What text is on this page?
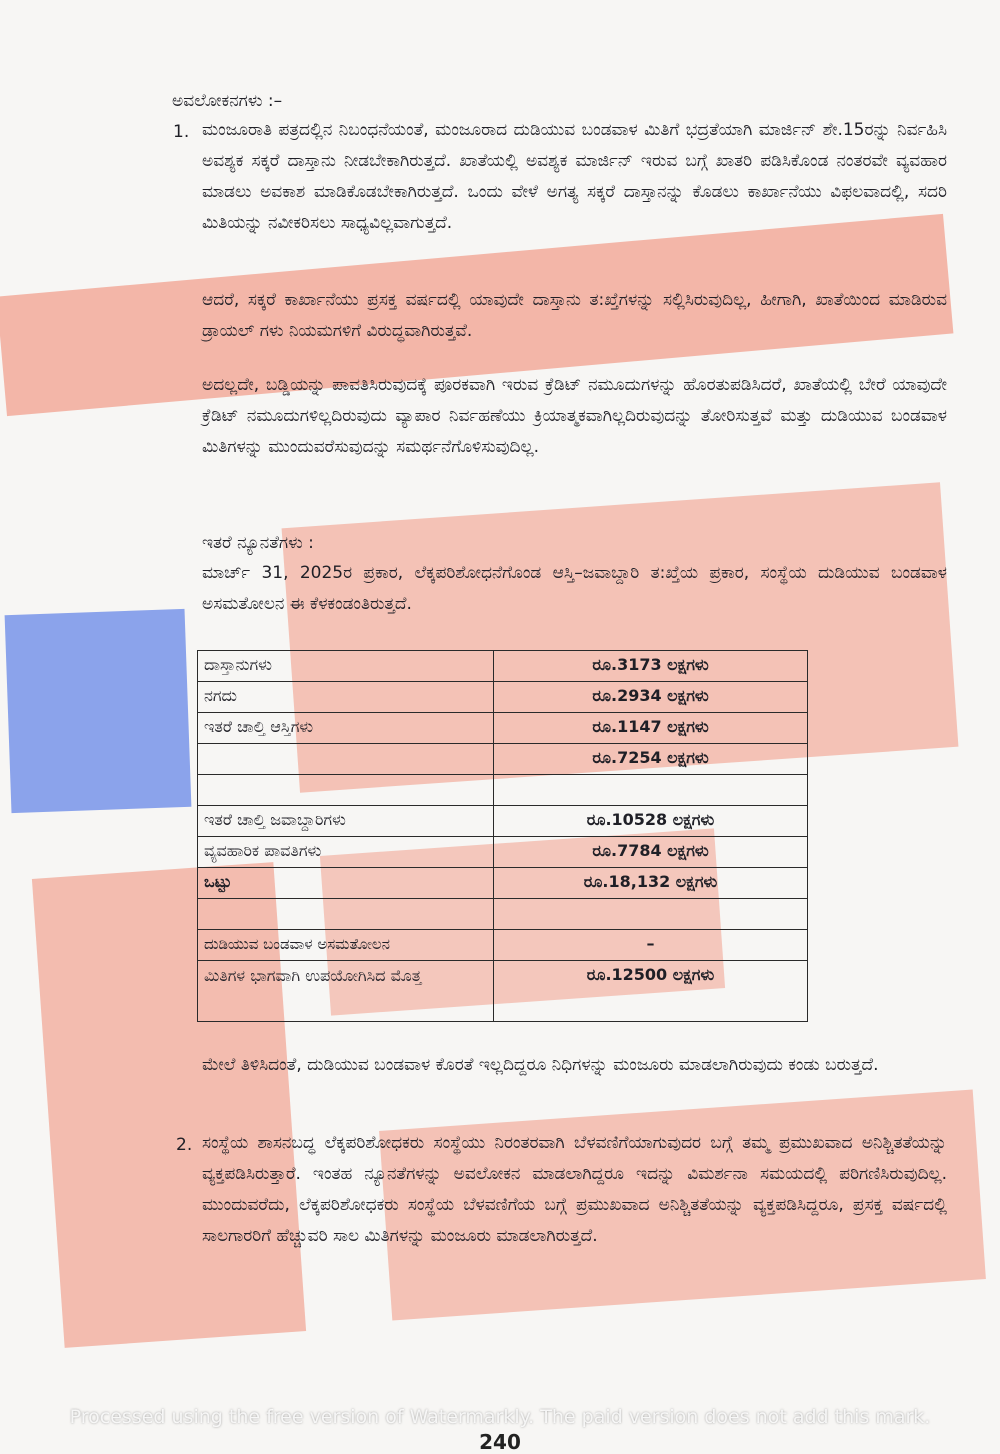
ಅವಲೋಕನಗಳು :–
1. ಮಂಜೂರಾತಿ ಪತ್ರದಲ್ಲಿನ ನಿಬಂಧನೆಯಂತೆ, ಮಂಜೂರಾದ ದುಡಿಯುವ ಬಂಡವಾಳ ಮಿತಿಗೆ ಭದ್ರತೆಯಾಗಿ ಮಾರ್ಜಿನ್ ಶೇ.15ರನ್ನು ನಿರ್ವಹಿಸಿ ಅವಶ್ಯಕ ಸಕ್ಕರೆ ದಾಸ್ತಾನು ನೀಡಬೇಕಾಗಿರುತ್ತದೆ. ಖಾತೆಯಲ್ಲಿ ಅವಶ್ಯಕ ಮಾರ್ಜಿನ್ ಇರುವ ಬಗ್ಗೆ ಖಾತರಿ ಪಡಿಸಿಕೊಂಡ ನಂತರವೇ ವ್ಯವಹಾರ ಮಾಡಲು ಅವಕಾಶ ಮಾಡಿಕೊಡಬೇಕಾಗಿರುತ್ತದೆ. ಒಂದು ವೇಳೆ ಅಗತ್ಯ ಸಕ್ಕರೆ ದಾಸ್ತಾನನ್ನು ಕೊಡಲು ಕಾರ್ಖಾನೆಯು ವಿಫಲವಾದಲ್ಲಿ, ಸದರಿ ಮಿತಿಯನ್ನು ನವೀಕರಿಸಲು ಸಾಧ್ಯವಿಲ್ಲವಾಗುತ್ತದೆ.
ಆದರೆ, ಸಕ್ಕರೆ ಕಾರ್ಖಾನೆಯು ಪ್ರಸಕ್ತ ವರ್ಷದಲ್ಲಿ ಯಾವುದೇ ದಾಸ್ತಾನು ತ:ಖ್ತೆಗಳನ್ನು ಸಲ್ಲಿಸಿರುವುದಿಲ್ಲ, ಹೀಗಾಗಿ, ಖಾತೆಯಿಂದ ಮಾಡಿರುವ ಡ್ರಾಯಲ್ ಗಳು ನಿಯಮಗಳಿಗೆ ವಿರುದ್ಧವಾಗಿರುತ್ತವೆ.
ಅದಲ್ಲದೇ, ಬಡ್ಡಿಯನ್ನು ಪಾವತಿಸಿರುವುದಕ್ಕೆ ಪೂರಕವಾಗಿ ಇರುವ ಕ್ರೆಡಿಟ್ ನಮೂದುಗಳನ್ನು ಹೊರತುಪಡಿಸಿದರೆ, ಖಾತೆಯಲ್ಲಿ ಬೇರೆ ಯಾವುದೇ ಕ್ರೆಡಿಟ್ ನಮೂದುಗಳಿಲ್ಲದಿರುವುದು ವ್ಯಾಪಾರ ನಿರ್ವಹಣೆಯು ಕ್ರಿಯಾತ್ಮಕವಾಗಿಲ್ಲದಿರುವುದನ್ನು ತೋರಿಸುತ್ತವೆ ಮತ್ತು ದುಡಿಯುವ ಬಂಡವಾಳ ಮಿತಿಗಳನ್ನು ಮುಂದುವರೆಸುವುದನ್ನು ಸಮರ್ಥನೆಗೊಳಿಸುವುದಿಲ್ಲ.
ಇತರೆ ನ್ಯೂನತೆಗಳು :
ಮಾರ್ಚ್ 31, 2025ರ ಪ್ರಕಾರ, ಲೆಕ್ಕಪರಿಶೋಧನೆಗೊಂಡ ಆಸ್ತಿ–ಜವಾಬ್ದಾರಿ ತ:ಖ್ತೆಯ ಪ್ರಕಾರ, ಸಂಸ್ಥೆಯ ದುಡಿಯುವ ಬಂಡವಾಳ ಅಸಮತೋಲನ ಈ ಕೆಳಕಂಡಂತಿರುತ್ತದೆ.
ದಾಸ್ತಾನುಗಳು	ರೂ.3173 ಲಕ್ಷಗಳು
ನಗದು	ರೂ.2934 ಲಕ್ಷಗಳು
ಇತರೆ ಚಾಲ್ತಿ ಆಸ್ತಿಗಳು	ರೂ.1147 ಲಕ್ಷಗಳು
	ರೂ.7254 ಲಕ್ಷಗಳು

ಇತರೆ ಚಾಲ್ತಿ ಜವಾಬ್ದಾರಿಗಳು	ರೂ.10528 ಲಕ್ಷಗಳು
ವ್ಯವಹಾರಿಕ ಪಾವತಿಗಳು	ರೂ.7784 ಲಕ್ಷಗಳು
ಒಟ್ಟು	ರೂ.18,132 ಲಕ್ಷಗಳು

ದುಡಿಯುವ ಬಂಡವಾಳ ಅಸಮತೋಲನ	–
ಮಿತಿಗಳ ಭಾಗವಾಗಿ ಉಪಯೋಗಿಸಿದ ಮೊತ್ತ	ರೂ.12500 ಲಕ್ಷಗಳು
ಮೇಲೆ ತಿಳಿಸಿದಂತೆ, ದುಡಿಯುವ ಬಂಡವಾಳ ಕೊರತೆ ಇಲ್ಲದಿದ್ದರೂ ನಿಧಿಗಳನ್ನು ಮಂಜೂರು ಮಾಡಲಾಗಿರುವುದು ಕಂಡು ಬರುತ್ತದೆ.
2. ಸಂಸ್ಥೆಯ ಶಾಸನಬದ್ಧ ಲೆಕ್ಕಪರಿಶೋಧಕರು ಸಂಸ್ಥೆಯು ನಿರಂತರವಾಗಿ ಬೆಳವಣಿಗೆಯಾಗುವುದರ ಬಗ್ಗೆ ತಮ್ಮ ಪ್ರಮುಖವಾದ ಅನಿಶ್ಚಿತತೆಯನ್ನು ವ್ಯಕ್ತಪಡಿಸಿರುತ್ತಾರೆ. ಇಂತಹ ನ್ಯೂನತೆಗಳನ್ನು ಅವಲೋಕನ ಮಾಡಲಾಗಿದ್ದರೂ ಇದನ್ನು ವಿಮರ್ಶನಾ ಸಮಯದಲ್ಲಿ ಪರಿಗಣಿಸಿರುವುದಿಲ್ಲ. ಮುಂದುವರೆದು, ಲೆಕ್ಕಪರಿಶೋಧಕರು ಸಂಸ್ಥೆಯ ಬೆಳವಣಿಗೆಯ ಬಗ್ಗೆ ಪ್ರಮುಖವಾದ ಅನಿಶ್ಚಿತತೆಯನ್ನು ವ್ಯಕ್ತಪಡಿಸಿದ್ದರೂ, ಪ್ರಸಕ್ತ ವರ್ಷದಲ್ಲಿ ಸಾಲಗಾರರಿಗೆ ಹೆಚ್ಚುವರಿ ಸಾಲ ಮಿತಿಗಳನ್ನು ಮಂಜೂರು ಮಾಡಲಾಗಿರುತ್ತದೆ.
Processed using the free version of Watermarkly. The paid version does not add this mark.
240
